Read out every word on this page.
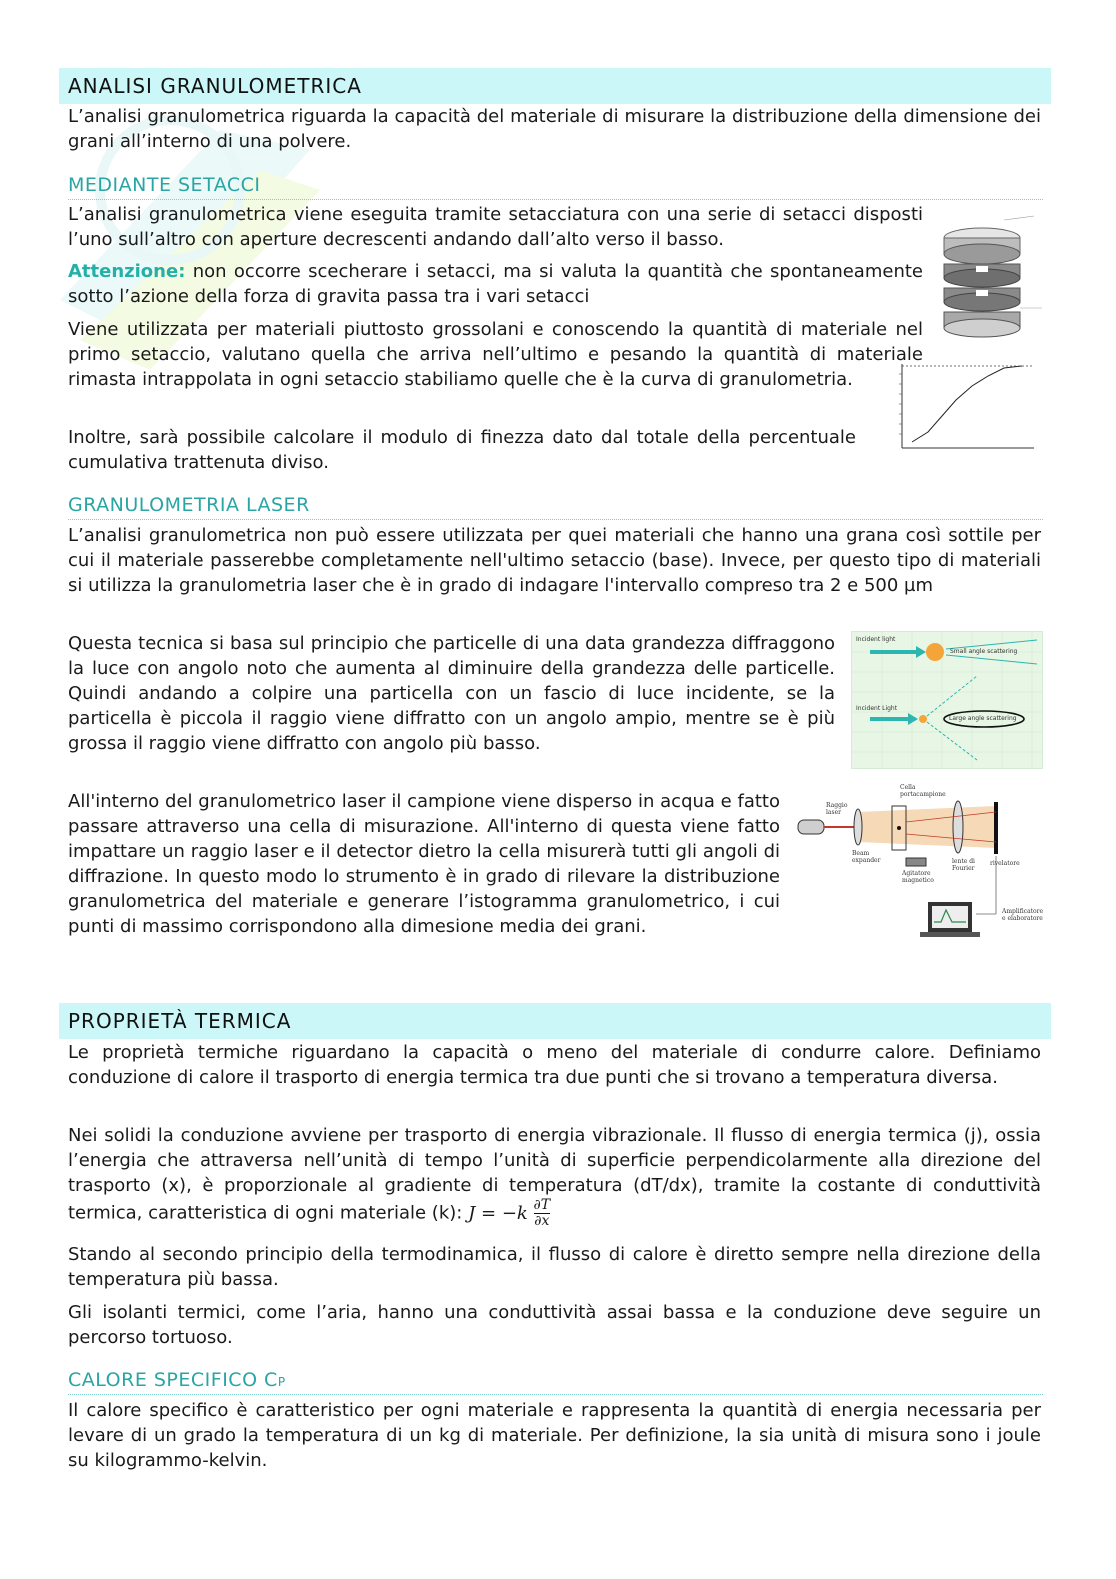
ANALISI GRANULOMETRICA

L’analisi granulometrica riguarda la capacità del materiale di misurare la distribuzione della dimensione dei grani all’interno di una polvere.

MEDIANTE SETACCI

L’analisi granulometrica viene eseguita tramite setacciatura con una serie di setacci disposti l’uno sull’altro con aperture decrescenti andando dall’alto verso il basso.

Attenzione: non occorre scecherare i setacci, ma si valuta la quantità che spontaneamente sotto l’azione della forza di gravita passa tra i vari setacci

Viene utilizzata per materiali piuttosto grossolani e conoscendo la quantità di materiale nel primo setaccio, valutano quella che arriva nell’ultimo e pesando la quantità di materiale rimasta intrappolata in ogni setaccio stabiliamo quelle che è la curva di granulometria.

Inoltre, sarà possibile calcolare il modulo di finezza dato dal totale della percentuale cumulativa trattenuta diviso.

GRANULOMETRIA LASER

L’analisi granulometrica non può essere utilizzata per quei materiali che hanno una grana così sottile per cui il materiale passerebbe completamente nell'ultimo setaccio (base). Invece, per questo tipo di materiali si utilizza la granulometria laser che è in grado di indagare l'intervallo compreso tra 2 e 500 µm

Questa tecnica si basa sul principio che particelle di una data grandezza diffraggono la luce con angolo noto che aumenta al diminuire della grandezza delle particelle. Quindi andando a colpire una particella con un fascio di luce incidente, se la particella è piccola il raggio viene diffratto con un angolo ampio, mentre se è più grossa il raggio viene diffratto con angolo più basso.

All'interno del granulometrico laser il campione viene disperso in acqua e fatto passare attraverso una cella di misurazione. All'interno di questa viene fatto impattare un raggio laser e il detector dietro la cella misurerà tutti gli angoli di diffrazione. In questo modo lo strumento è in grado di rilevare la distribuzione granulometrica del materiale e generare l’istogramma granulometrico, i cui punti di massimo corrispondono alla dimesione media dei grani.

Incident light
Small angle scattering
Incident Light
Large angle scattering
Raggio laser
Cella portacampione
Beam expander
Agitatore magnetico
lente di Fourier
rivelatore
Amplificatore e elaboratore
PROPRIETÀ TERMICA

Le proprietà termiche riguardano la capacità o meno del materiale di condurre calore. Definiamo conduzione di calore il trasporto di energia termica tra due punti che si trovano a temperatura diversa.

Nei solidi la conduzione avviene per trasporto di energia vibrazionale. Il flusso di energia termica (j), ossia l’energia che attraversa nell’unità di tempo l’unità di superficie perpendicolarmente alla direzione del trasporto (x), è proporzionale al gradiente di temperatura (dT/dx), tramite la costante di conduttività termica, caratteristica di ogni materiale (k): $J = -k \frac{\partial T}{\partial x}$

Stando al secondo principio della termodinamica, il flusso di calore è diretto sempre nella direzione della temperatura più bassa.

Gli isolanti termici, come l’aria, hanno una conduttività assai bassa e la conduzione deve seguire un percorso tortuoso.

CALORE SPECIFICO CP

Il calore specifico è caratteristico per ogni materiale e rappresenta la quantità di energia necessaria per levare di un grado la temperatura di un kg di materiale. Per definizione, la sia unità di misura sono i joule su kilogrammo-kelvin.
